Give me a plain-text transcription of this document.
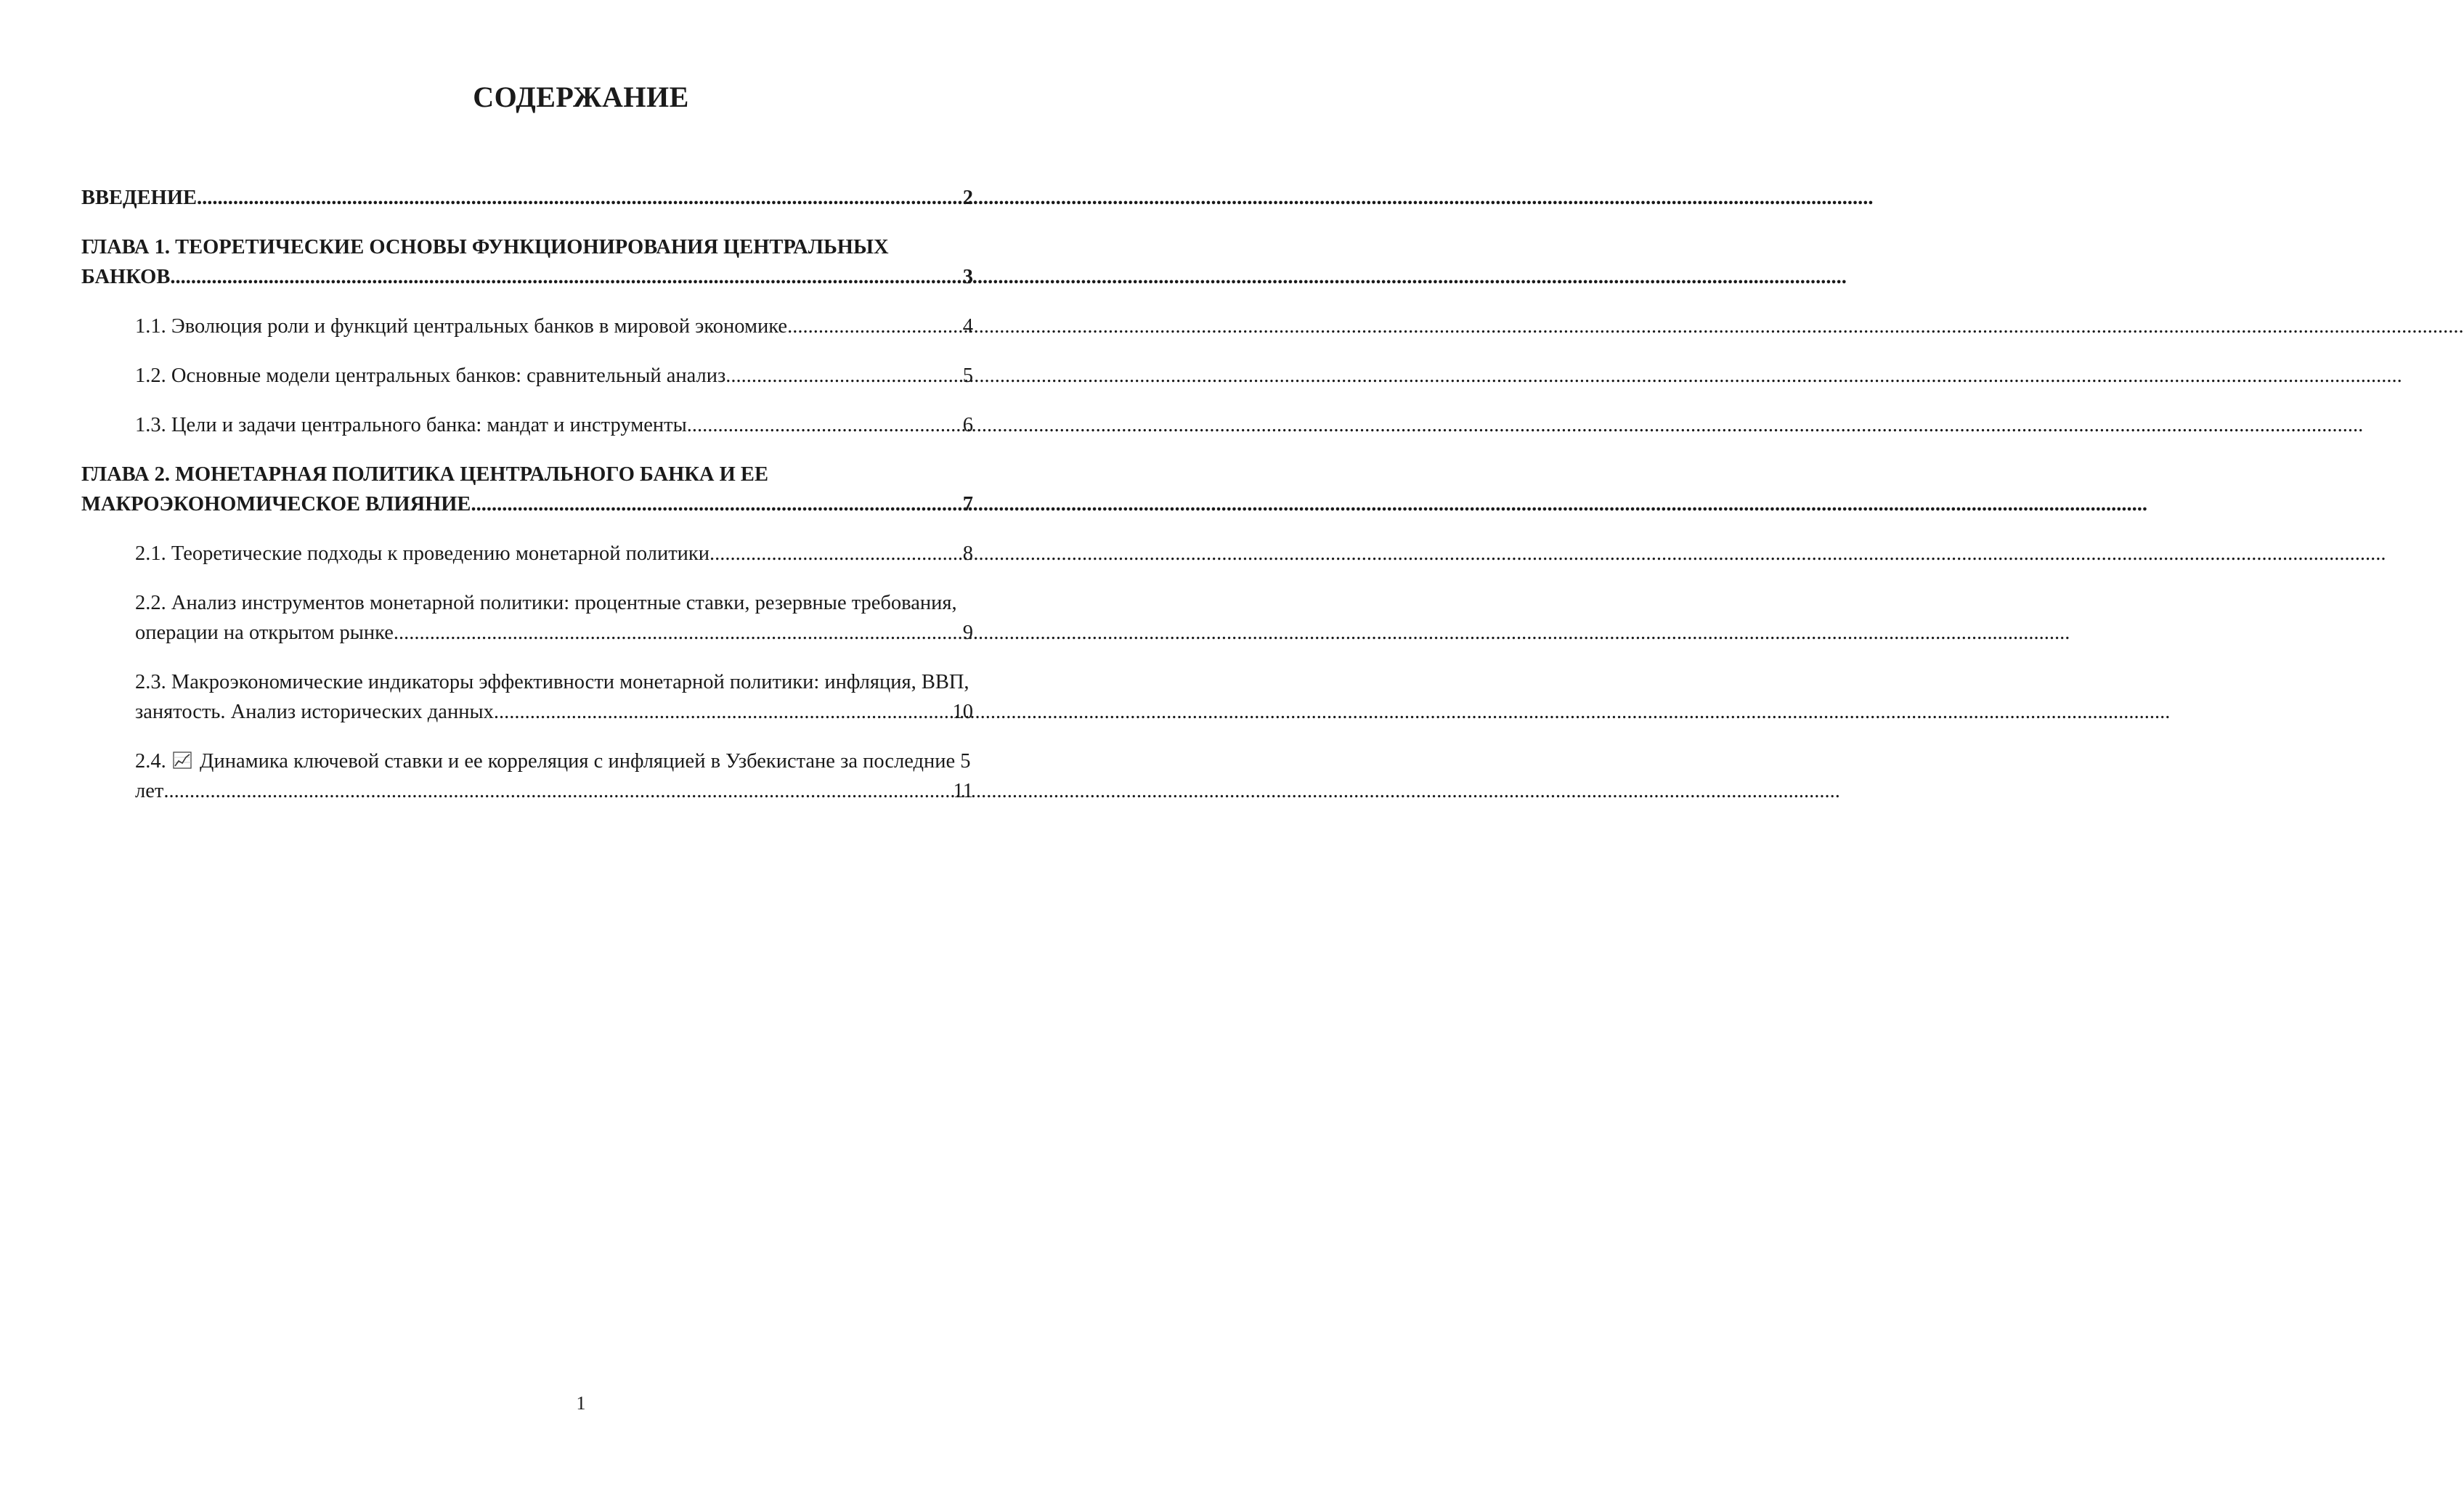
СОДЕРЖАНИЕ
ВВЕДЕНИЕ .....	2
ГЛАВА 1. ТЕОРЕТИЧЕСКИЕ ОСНОВЫ ФУНКЦИОНИРОВАНИЯ ЦЕНТРАЛЬНЫХ
БАНКОВ .....	3
1.1. Эволюция роли и функций центральных банков в мировой экономике .....	4
1.2. Основные модели центральных банков: сравнительный анализ .....	5
1.3. Цели и задачи центрального банка: мандат и инструменты .....	6
ГЛАВА 2. МОНЕТАРНАЯ ПОЛИТИКА ЦЕНТРАЛЬНОГО БАНКА И ЕЕ
МАКРОЭКОНОМИЧЕСКОЕ ВЛИЯНИЕ .....	7
2.1. Теоретические подходы к проведению монетарной политики .....	8
2.2. Анализ инструментов монетарной политики: процентные ставки, резервные требования,
операции на открытом рынке .....	9
2.3. Макроэкономические индикаторы эффективности монетарной политики: инфляция, ВВП,
занятость. Анализ исторических данных .....	10
2.4. Динамика ключевой ставки и ее корреляция с инфляцией в Узбекистане за последние 5
лет .....	11
1
